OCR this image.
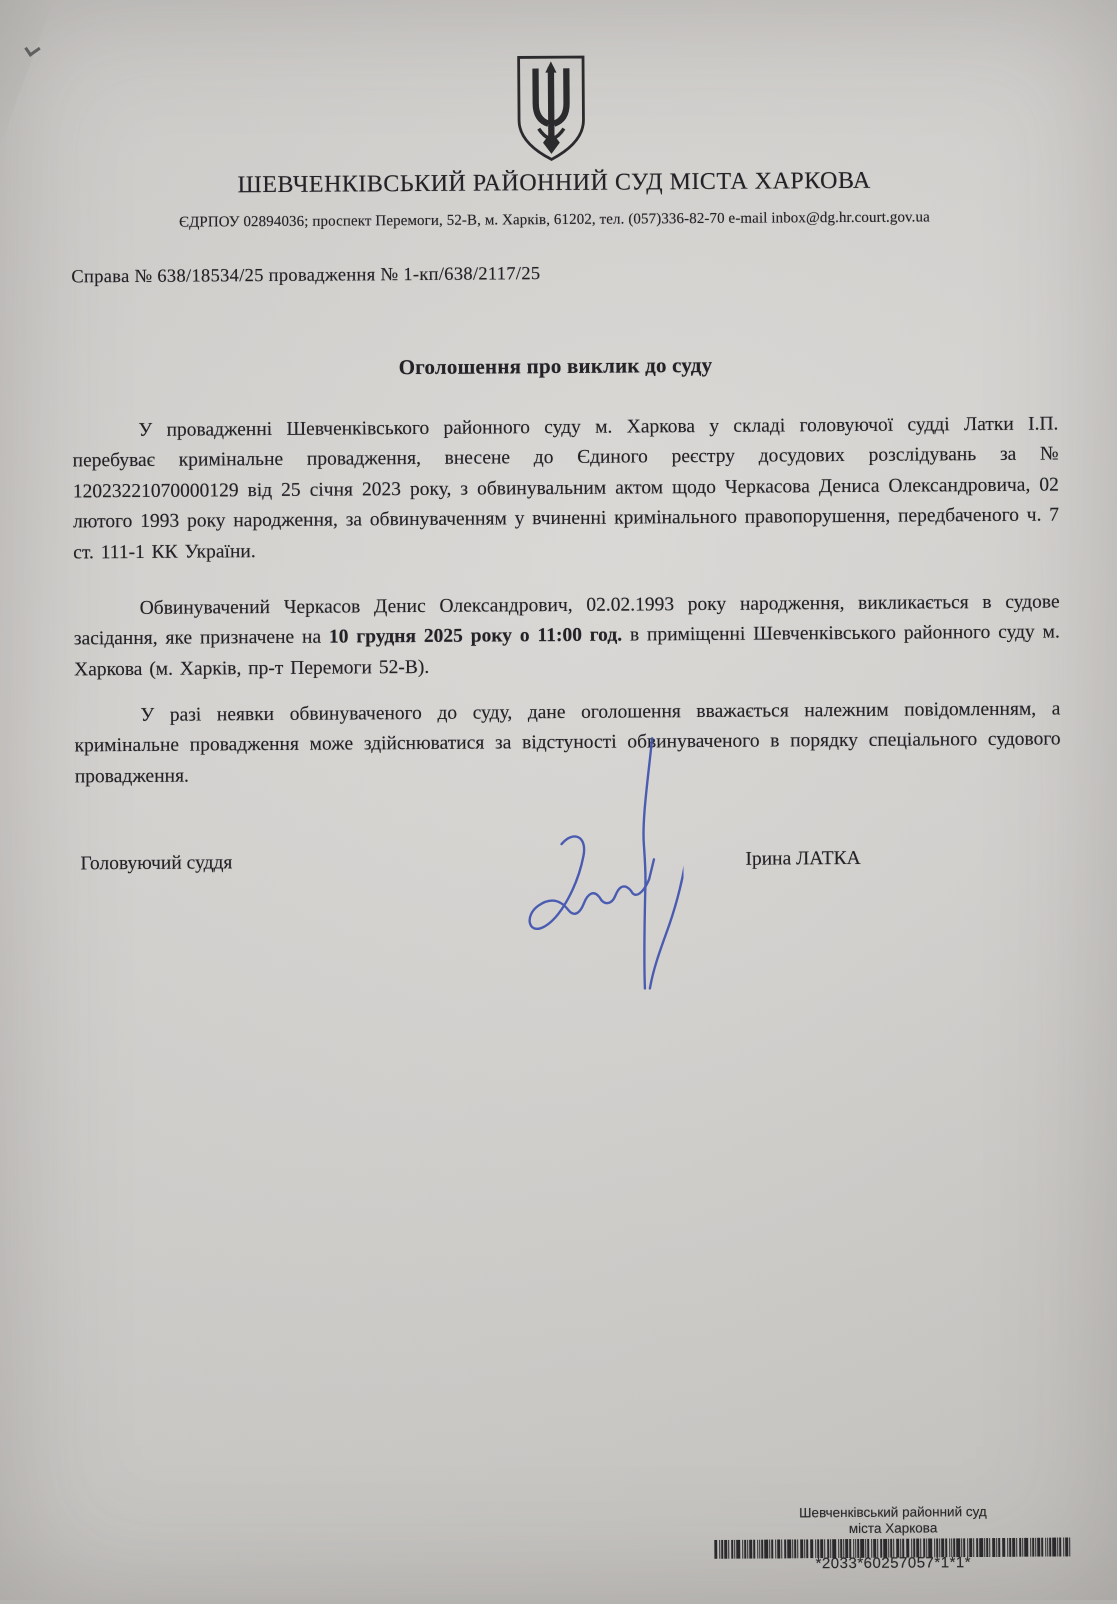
ШЕВЧЕНКІВСЬКИЙ РАЙОННИЙ СУД МІСТА ХАРКОВА
ЄДРПОУ 02894036; проспект Перемоги, 52-В, м. Харків, 61202, тел. (057)336-82-70 e-mail inbox@dg.hr.court.gov.ua
Справа № 638/18534/25 провадження № 1-кп/638/2117/25
Оголошення про виклик до суду

У провадженні Шевченківського районного суду м. Харкова у складі головуючої судді Латки І.П. перебуває кримінальне провадження, внесене до Єдиного реєстру досудових розслідувань за № 12023221070000129 від 25 січня 2023 року, з обвинувальним актом щодо Черкасова Дениса Олександровича, 02 лютого 1993 року народження, за обвинуваченням у вчиненні кримінального правопорушення, передбаченого ч. 7 ст. 111-1 КК України.

Обвинувачений Черкасов Денис Олександрович, 02.02.1993 року народження, викликається в судове засідання, яке призначене на 10 грудня 2025 року о 11:00 год. в приміщенні Шевченківського районного суду м. Харкова (м. Харків, пр-т Перемоги 52-В).

У разі неявки обвинуваченого до суду, дане оголошення вважається належним повідомленням, а кримінальне провадження може здійснюватися за відстуності обвинуваченого в порядку спеціального судового провадження.

Головуючий суддя	Ірина ЛАТКА
Шевченківський районний суд
міста Харкова
*2033*60257057*1*1*
